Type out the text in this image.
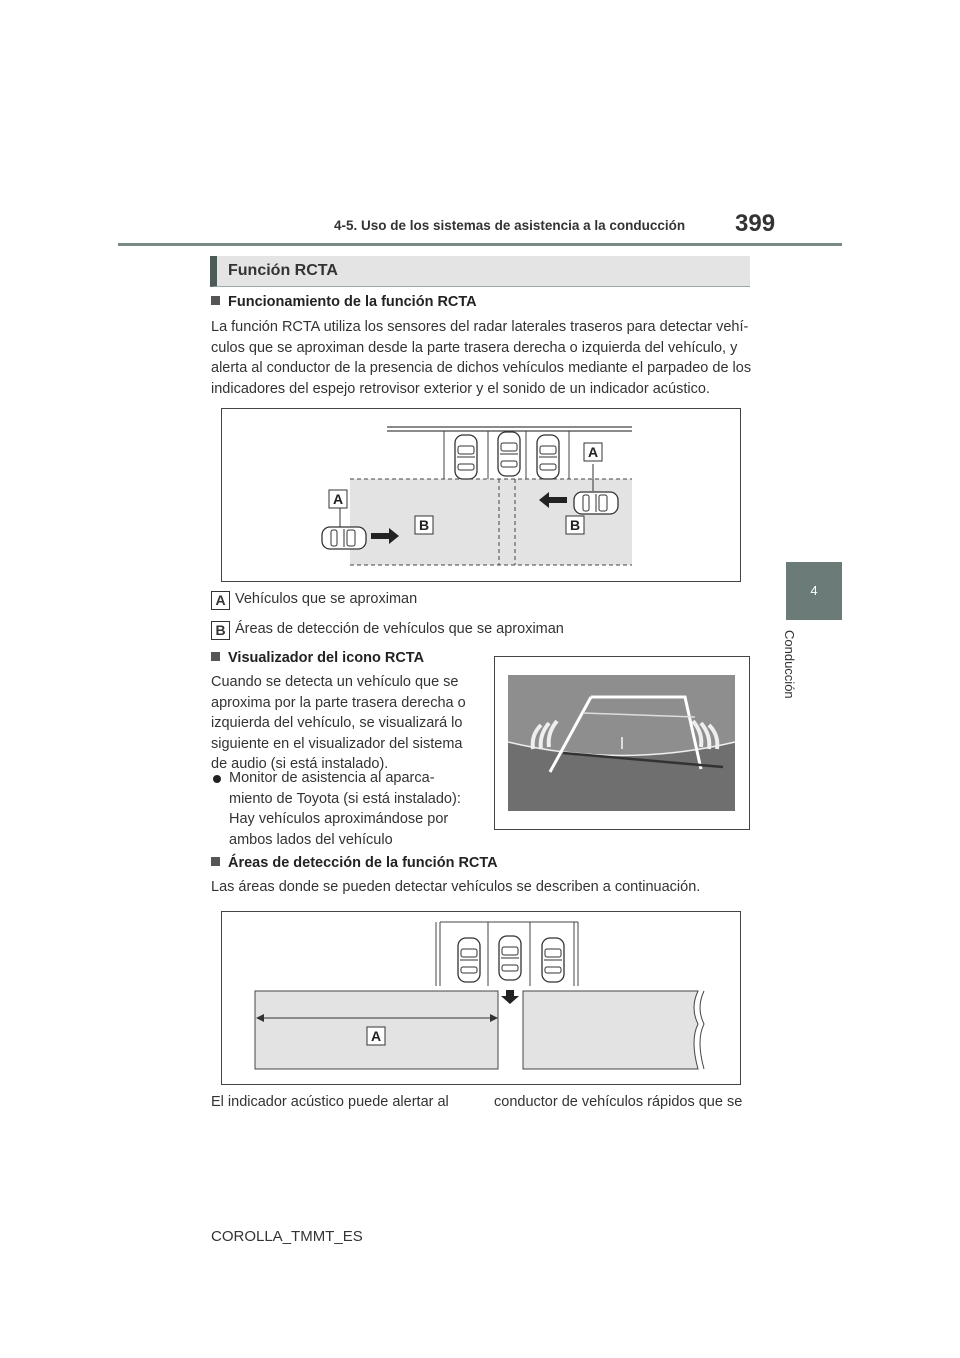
4-5. Uso de los sistemas de asistencia a la conducción 399
4
Conducción
Función RCTA
Funcionamiento de la función RCTA
La función RCTA utiliza los sensores del radar laterales traseros para detectar vehí-
culos que se aproximan desde la parte trasera derecha o izquierda del vehículo, y
alerta al conductor de la presencia de dichos vehículos mediante el parpadeo de los
indicadores del espejo retrovisor exterior y el sonido de un indicador acústico.
A
B
A
B
A Vehículos que se aproximan
B Áreas de detección de vehículos que se aproximan
Visualizador del icono RCTA
Cuando se detecta un vehículo que se
aproxima por la parte trasera derecha o
izquierda del vehículo, se visualizará lo
siguiente en el visualizador del sistema
de audio (si está instalado).
Monitor de asistencia al aparca-
miento de Toyota (si está instalado):
Hay vehículos aproximándose por
ambos lados del vehículo
Áreas de detección de la función RCTA
Las áreas donde se pueden detectar vehículos se describen a continuación.
A
El indicador acústico puede alertar al	conductor de vehículos rápidos que se
COROLLA_TMMT_ES
